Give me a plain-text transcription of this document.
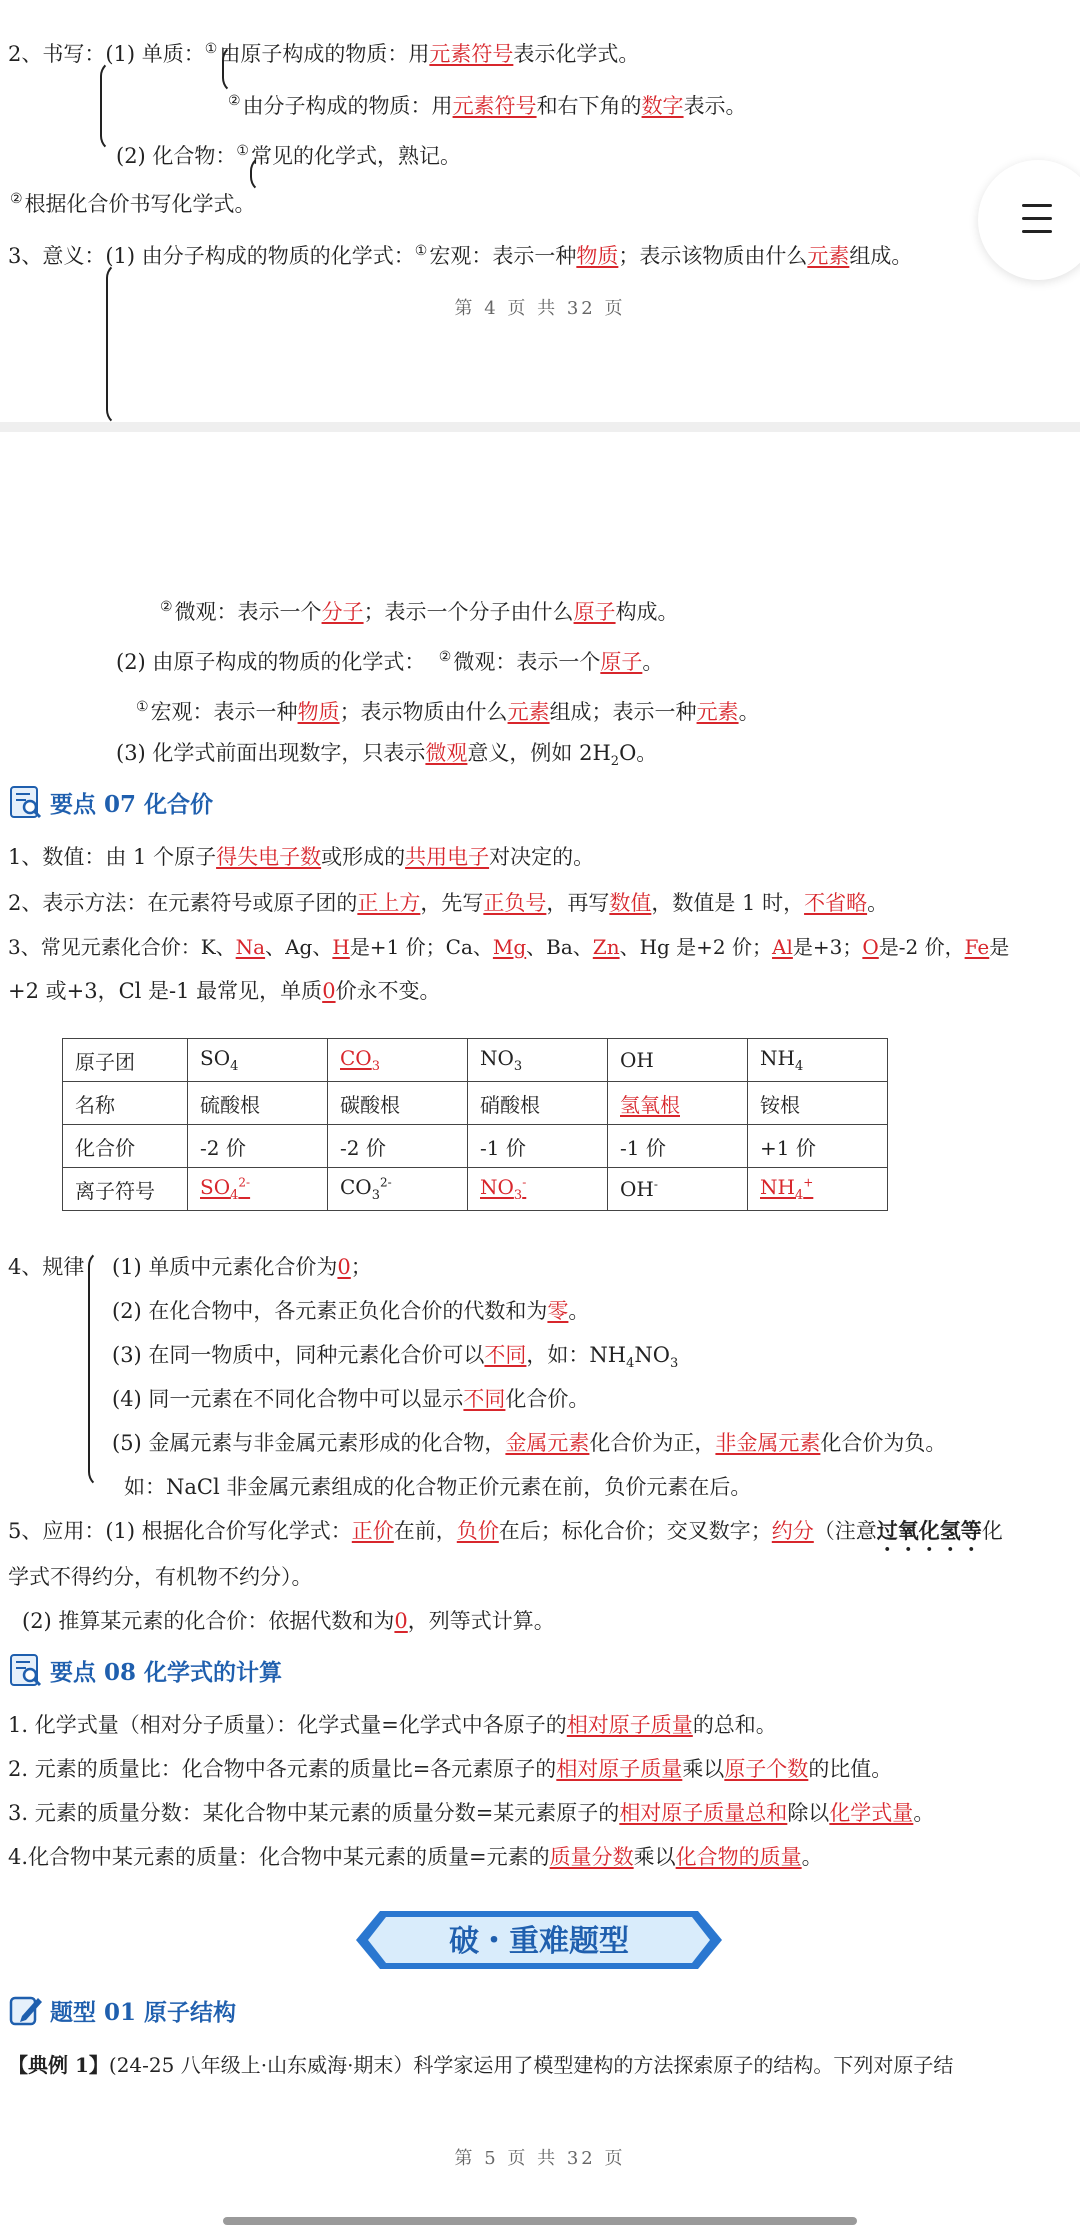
2、书写：(1) 单质：①由原子构成的物质：用元素符号表示化学式。
②由分子构成的物质：用元素符号和右下角的数字表示。
(2) 化合物：①常见的化学式，熟记。
②根据化合价书写化学式。
3、意义：(1) 由分子构成的物质的化学式：①宏观：表示一种物质；表示该物质由什么元素组成。
第 4 页 共 32 页
②微观：表示一个分子；表示一个分子由什么原子构成。
(2) 由原子构成的物质的化学式： ②微观：表示一个原子。
①宏观：表示一种物质；表示物质由什么元素组成；表示一种元素。
(3) 化学式前面出现数字，只表示微观意义，例如 $2H_2O$。
要点 07 化合价
1、数值：由 1 个原子得失电子数或形成的共用电子对决定的。
2、表示方法：在元素符号或原子团的正上方，先写正负号，再写数值，数值是 1 时，不省略。
3、常见元素化合价：K、Na、Ag、H是+1 价；Ca、Mg、Ba、Zn、Hg 是+2 价；Al是+3；O是-2 价，Fe是
+2 或+3，Cl 是-1 最常见，单质0价永不变。
原子团	$SO_4$	$CO_3$	$NO_3$	OH	$NH_4$
名称	硫酸根	碳酸根	硝酸根	氢氧根	铵根
化合价	-2 价	-2 价	-1 价	-1 价	+1 价
离子符号	$SO_4^{2-}$	$CO_3^{2-}$	$NO_3^-$	OH-	$NH_4^+$
4、规律 (1) 单质中元素化合价为0；
(2) 在化合物中，各元素正负化合价的代数和为零。
(3) 在同一物质中，同种元素化合价可以不同，如：$NH_4NO_3$
(4) 同一元素在不同化合物中可以显示不同化合价。
(5) 金属元素与非金属元素形成的化合物，金属元素化合价为正，非金属元素化合价为负。
如：NaCl 非金属元素组成的化合物正价元素在前，负价元素在后。
5、应用：(1) 根据化合价写化学式：正价在前，负价在后；标化合价；交叉数字；约分（注意过氧化氢等化
学式不得约分，有机物不约分）。
(2) 推算某元素的化合价：依据代数和为0，列等式计算。
要点 08 化学式的计算
1. 化学式量（相对分子质量）：化学式量=化学式中各原子的相对原子质量的总和。
2. 元素的质量比：化合物中各元素的质量比=各元素原子的相对原子质量乘以原子个数的比值。
3. 元素的质量分数：某化合物中某元素的质量分数=某元素原子的相对原子质量总和除以化学式量。
4.化合物中某元素的质量：化合物中某元素的质量=元素的质量分数乘以化合物的质量。
破・重难题型
题型 01 原子结构
【典例 1】(24-25 八年级上·山东威海·期末）科学家运用了模型建构的方法探索原子的结构。下列对原子结
第 5 页 共 32 页
